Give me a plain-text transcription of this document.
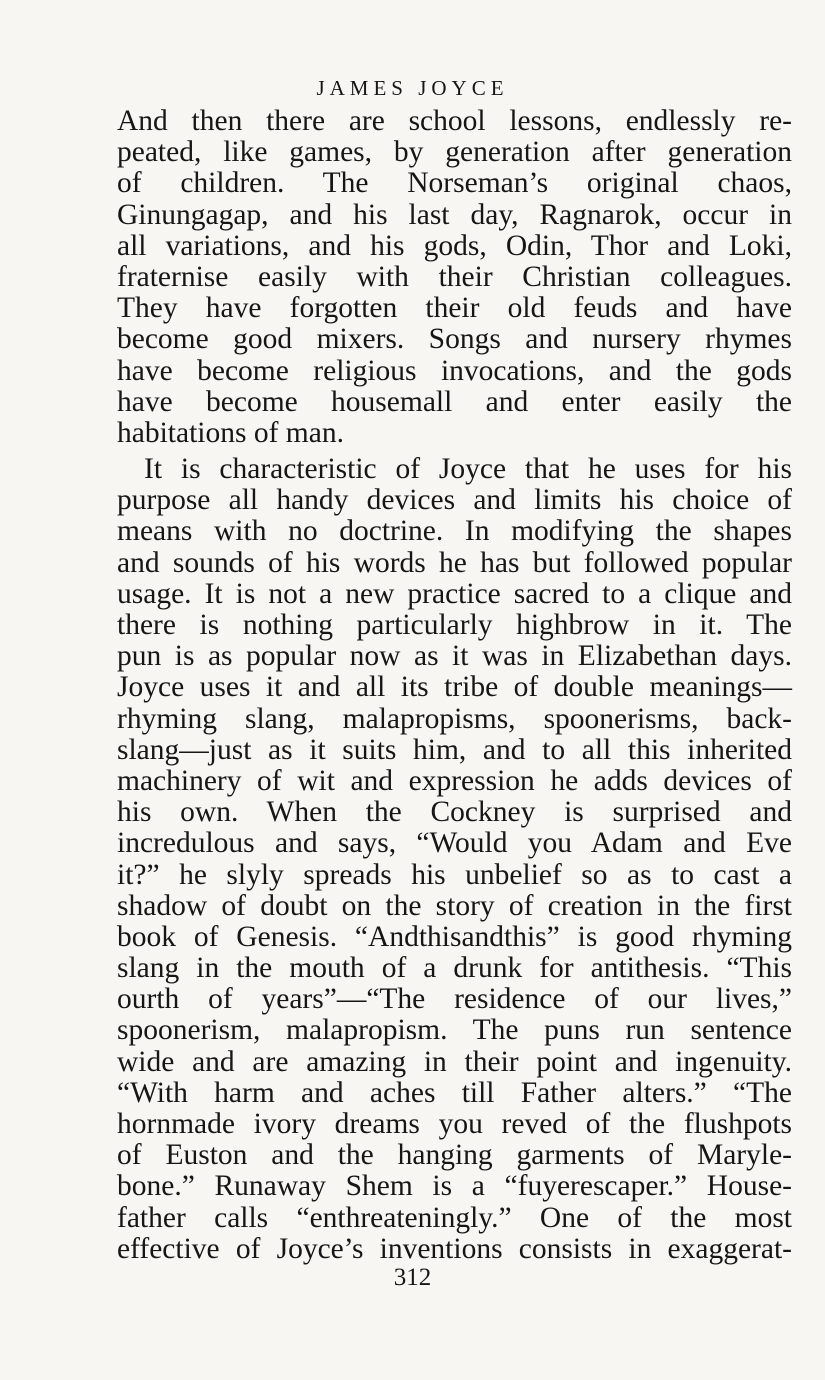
JAMES JOYCE
And then there are school lessons, endlessly re-
peated, like games, by generation after generation
of children. The Norseman’s original chaos,
Ginungagap, and his last day, Ragnarok, occur in
all variations, and his gods, Odin, Thor and Loki,
fraternise easily with their Christian colleagues.
They have forgotten their old feuds and have
become good mixers. Songs and nursery rhymes
have become religious invocations, and the gods
have become housemall and enter easily the
habitations of man.
It is characteristic of Joyce that he uses for his
purpose all handy devices and limits his choice of
means with no doctrine. In modifying the shapes
and sounds of his words he has but followed popular
usage. It is not a new practice sacred to a clique and
there is nothing particularly highbrow in it. The
pun is as popular now as it was in Elizabethan days.
Joyce uses it and all its tribe of double meanings—
rhyming slang, malapropisms, spoonerisms, back-
slang—just as it suits him, and to all this inherited
machinery of wit and expression he adds devices of
his own. When the Cockney is surprised and
incredulous and says, “Would you Adam and Eve
it?” he slyly spreads his unbelief so as to cast a
shadow of doubt on the story of creation in the first
book of Genesis. “Andthisandthis” is good rhyming
slang in the mouth of a drunk for antithesis. “This
ourth of years”—“The residence of our lives,”
spoonerism, malapropism. The puns run sentence
wide and are amazing in their point and ingenuity.
“With harm and aches till Father alters.” “The
hornmade ivory dreams you reved of the flushpots
of Euston and the hanging garments of Maryle-
bone.” Runaway Shem is a “fuyerescaper.” House-
father calls “enthreateningly.” One of the most
effective of Joyce’s inventions consists in exaggerat-
312
